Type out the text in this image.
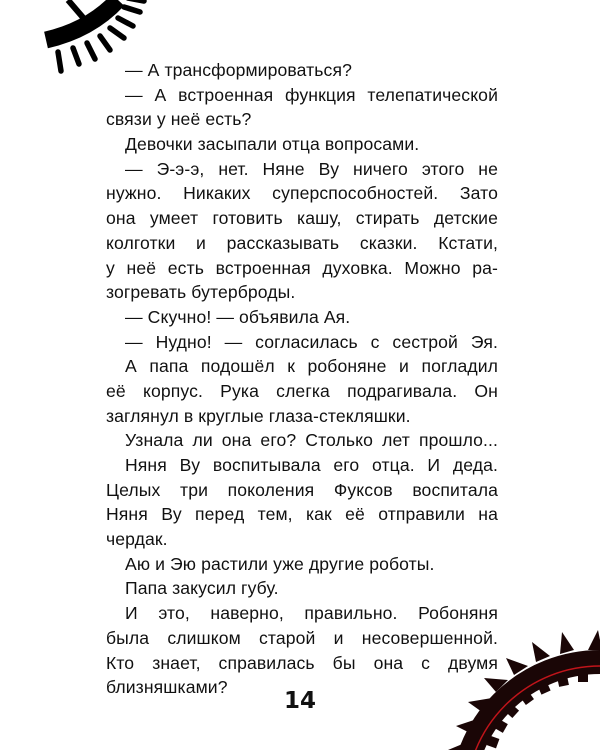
— А трансформироваться?
— А встроенная функция телепатической
связи у неё есть?
Девочки засыпали отца вопросами.
— Э-э-э, нет. Няне Ву ничего этого не
нужно. Никаких суперспособностей. Зато
она умеет готовить кашу, стирать детские
колготки и рассказывать сказки. Кстати,
у неё есть встроенная духовка. Можно ра-
зогревать бутерброды.
— Скучно! — объявила Ая.
— Нудно! — согласилась с сестрой Эя.
А папа подошёл к робоняне и погладил
её корпус. Рука слегка подрагивала. Он
заглянул в круглые глаза-стекляшки.
Узнала ли она его? Столько лет прошло...
Няня Ву воспитывала его отца. И деда.
Целых три поколения Фуксов воспитала
Няня Ву перед тем, как её отправили на
чердак.
Аю и Эю растили уже другие роботы.
Папа закусил губу.
И это, наверно, правильно. Робоняня
была слишком старой и несовершенной.
Кто знает, справилась бы она с двумя
близняшками?
14
